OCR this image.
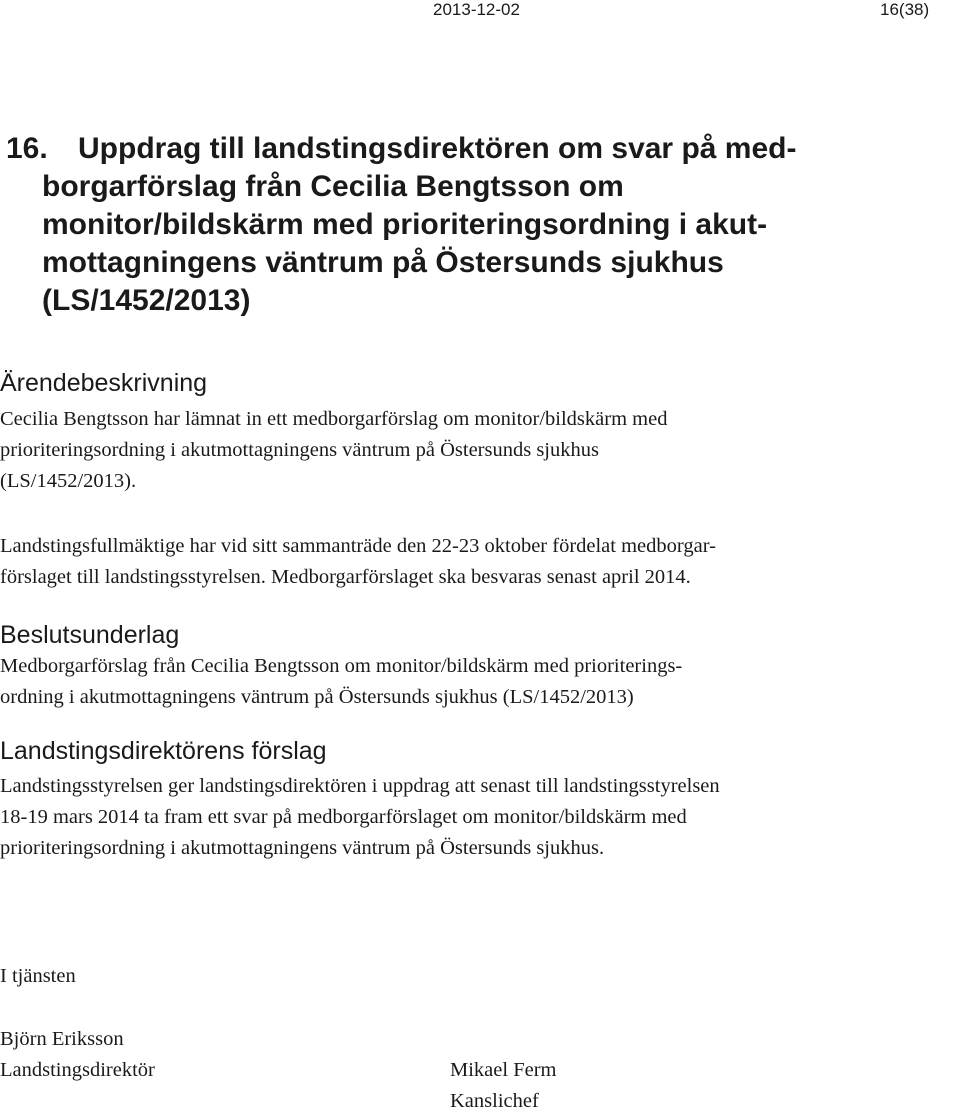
2013-12-02	16(38)
16. Uppdrag till landstingsdirektören om svar på med-
borgarförslag från Cecilia Bengtsson om
monitor/bildskärm med prioriteringsordning i akut-
mottagningens väntrum på Östersunds sjukhus
(LS/1452/2013)
Ärendebeskrivning

Cecilia Bengtsson har lämnat in ett medborgarförslag om monitor/bildskärm med
prioriteringsordning i akutmottagningens väntrum på Östersunds sjukhus
(LS/1452/2013).

Landstingsfullmäktige har vid sitt sammanträde den 22-23 oktober fördelat medborgar-
förslaget till landstingsstyrelsen. Medborgarförslaget ska besvaras senast april 2014.

Beslutsunderlag

Medborgarförslag från Cecilia Bengtsson om monitor/bildskärm med prioriterings-
ordning i akutmottagningens väntrum på Östersunds sjukhus (LS/1452/2013)

Landstingsdirektörens förslag

Landstingsstyrelsen ger landstingsdirektören i uppdrag att senast till landstingsstyrelsen
18-19 mars 2014 ta fram ett svar på medborgarförslaget om monitor/bildskärm med
prioriteringsordning i akutmottagningens väntrum på Östersunds sjukhus.

I tjänsten

Björn Eriksson
Landstingsdirektör	Mikael Ferm
Kanslichef
